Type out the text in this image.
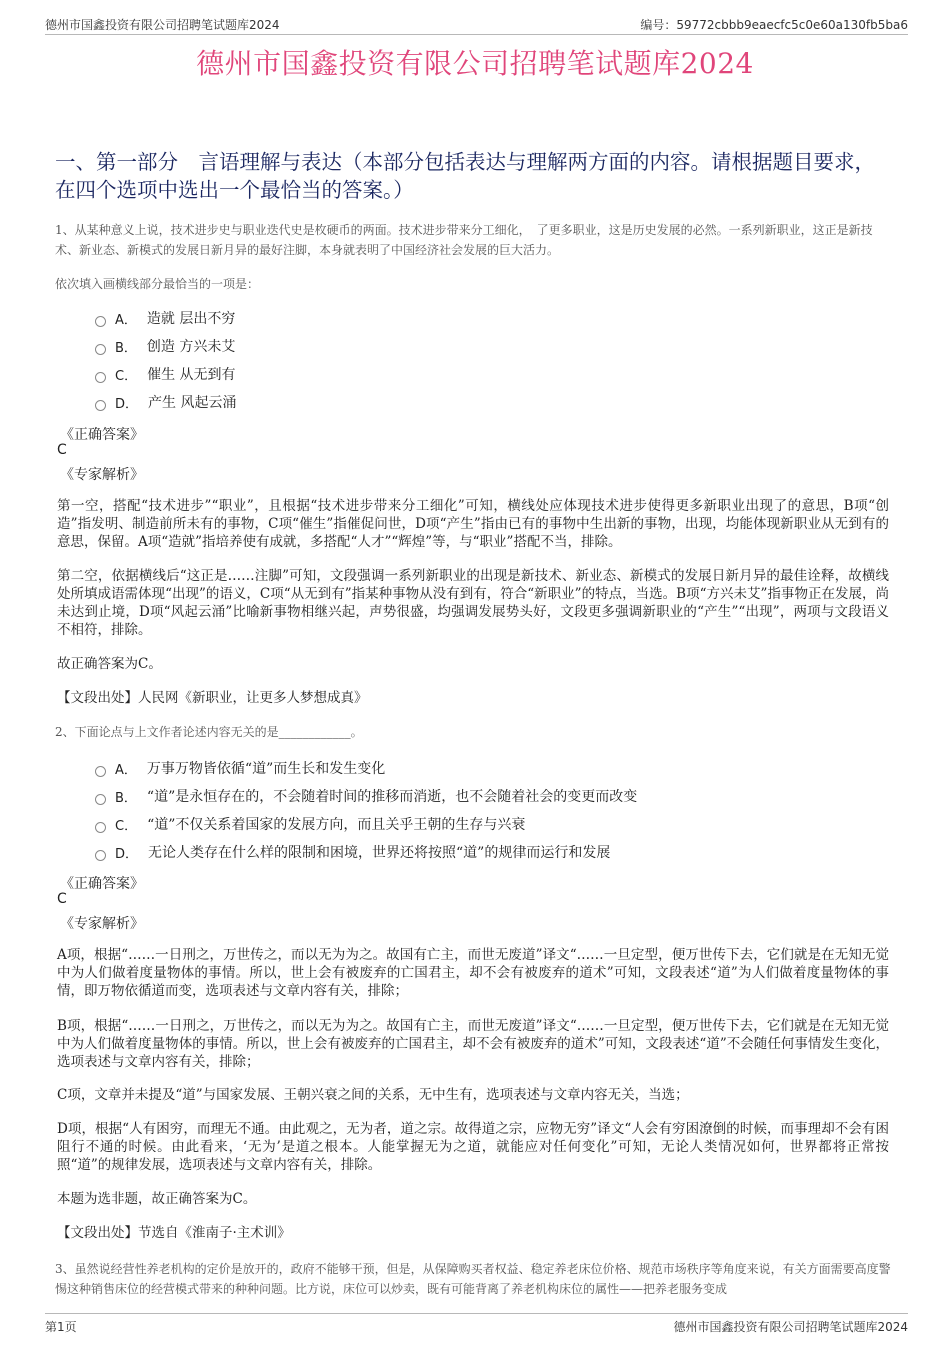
德州市国鑫投资有限公司招聘笔试题库2024	编号：59772cbbb9eaecfc5c0e60a130fb5ba6
德州市国鑫投资有限公司招聘笔试题库2024
一、第一部分　言语理解与表达（本部分包括表达与理解两方面的内容。请根据题目要求，在四个选项中选出一个最恰当的答案。）
1、从某种意义上说，技术进步史与职业迭代史是枚硬币的两面。技术进步带来分工细化，　了更多职业，这是历史发展的必然。一系列新职业，这正是新技术、新业态、新模式的发展日新月异的最好注脚，本身就表明了中国经济社会发展的巨大活力。
依次填入画横线部分最恰当的一项是：
A． 造就 层出不穷
B． 创造 方兴未艾
C． 催生 从无到有
D． 产生 风起云涌
《正确答案》
C
《专家解析》
第一空，搭配“技术进步”“职业”，且根据“技术进步带来分工细化”可知，横线处应体现技术进步使得更多新职业出现了的意思，B项“创造”指发明、制造前所未有的事物，C项“催生”指催促问世，D项“产生”指由已有的事物中生出新的事物，出现，均能体现新职业从无到有的意思，保留。A项“造就”指培养使有成就，多搭配“人才”“辉煌”等，与“职业”搭配不当，排除。
第二空，依据横线后“这正是……注脚”可知，文段强调一系列新职业的出现是新技术、新业态、新模式的发展日新月异的最佳诠释，故横线处所填成语需体现“出现”的语义，C项“从无到有”指某种事物从没有到有，符合“新职业”的特点，当选。B项“方兴未艾”指事物正在发展，尚未达到止境，D项“风起云涌”比喻新事物相继兴起，声势很盛，均强调发展势头好，文段更多强调新职业的“产生”“出现”，两项与文段语义不相符，排除。
故正确答案为C。
【文段出处】人民网《新职业，让更多人梦想成真》
2、下面论点与上文作者论述内容无关的是____________。
A． 万事万物皆依循“道”而生长和发生变化
B． “道”是永恒存在的，不会随着时间的推移而消逝，也不会随着社会的变更而改变
C． “道”不仅关系着国家的发展方向，而且关乎王朝的生存与兴衰
D． 无论人类存在什么样的限制和困境，世界还将按照“道”的规律而运行和发展
《正确答案》
C
《专家解析》
A项，根据“……一日刑之，万世传之，而以无为为之。故国有亡主，而世无废道”译文“……一旦定型，便万世传下去，它们就是在无知无觉中为人们做着度量物体的事情。所以，世上会有被废弃的亡国君主，却不会有被废弃的道术”可知，文段表述“道”为人们做着度量物体的事情，即万物依循道而变，选项表述与文章内容有关，排除；
B项，根据“……一日刑之，万世传之，而以无为为之。故国有亡主，而世无废道”译文“……一旦定型，便万世传下去，它们就是在无知无觉中为人们做着度量物体的事情。所以，世上会有被废弃的亡国君主，却不会有被废弃的道术”可知，文段表述“道”不会随任何事情发生变化，选项表述与文章内容有关，排除；
C项，文章并未提及“道”与国家发展、王朝兴衰之间的关系，无中生有，选项表述与文章内容无关，当选；
D项，根据“人有困穷，而理无不通。由此观之，无为者，道之宗。故得道之宗，应物无穷”译文“人会有穷困潦倒的时候，而事理却不会有困阻行不通的时候。由此看来，‘无为’是道之根本。人能掌握无为之道，就能应对任何变化”可知，无论人类情况如何，世界都将正常按照“道”的规律发展，选项表述与文章内容有关，排除。
本题为选非题，故正确答案为C。
【文段出处】节选自《淮南子·主术训》
3、虽然说经营性养老机构的定价是放开的，政府不能够干预，但是，从保障购买者权益、稳定养老床位价格、规范市场秩序等角度来说，有关方面需要高度警惕这种销售床位的经营模式带来的种种问题。比方说，床位可以炒卖，既有可能背离了养老机构床位的属性——把养老服务变成
第1页	德州市国鑫投资有限公司招聘笔试题库2024
